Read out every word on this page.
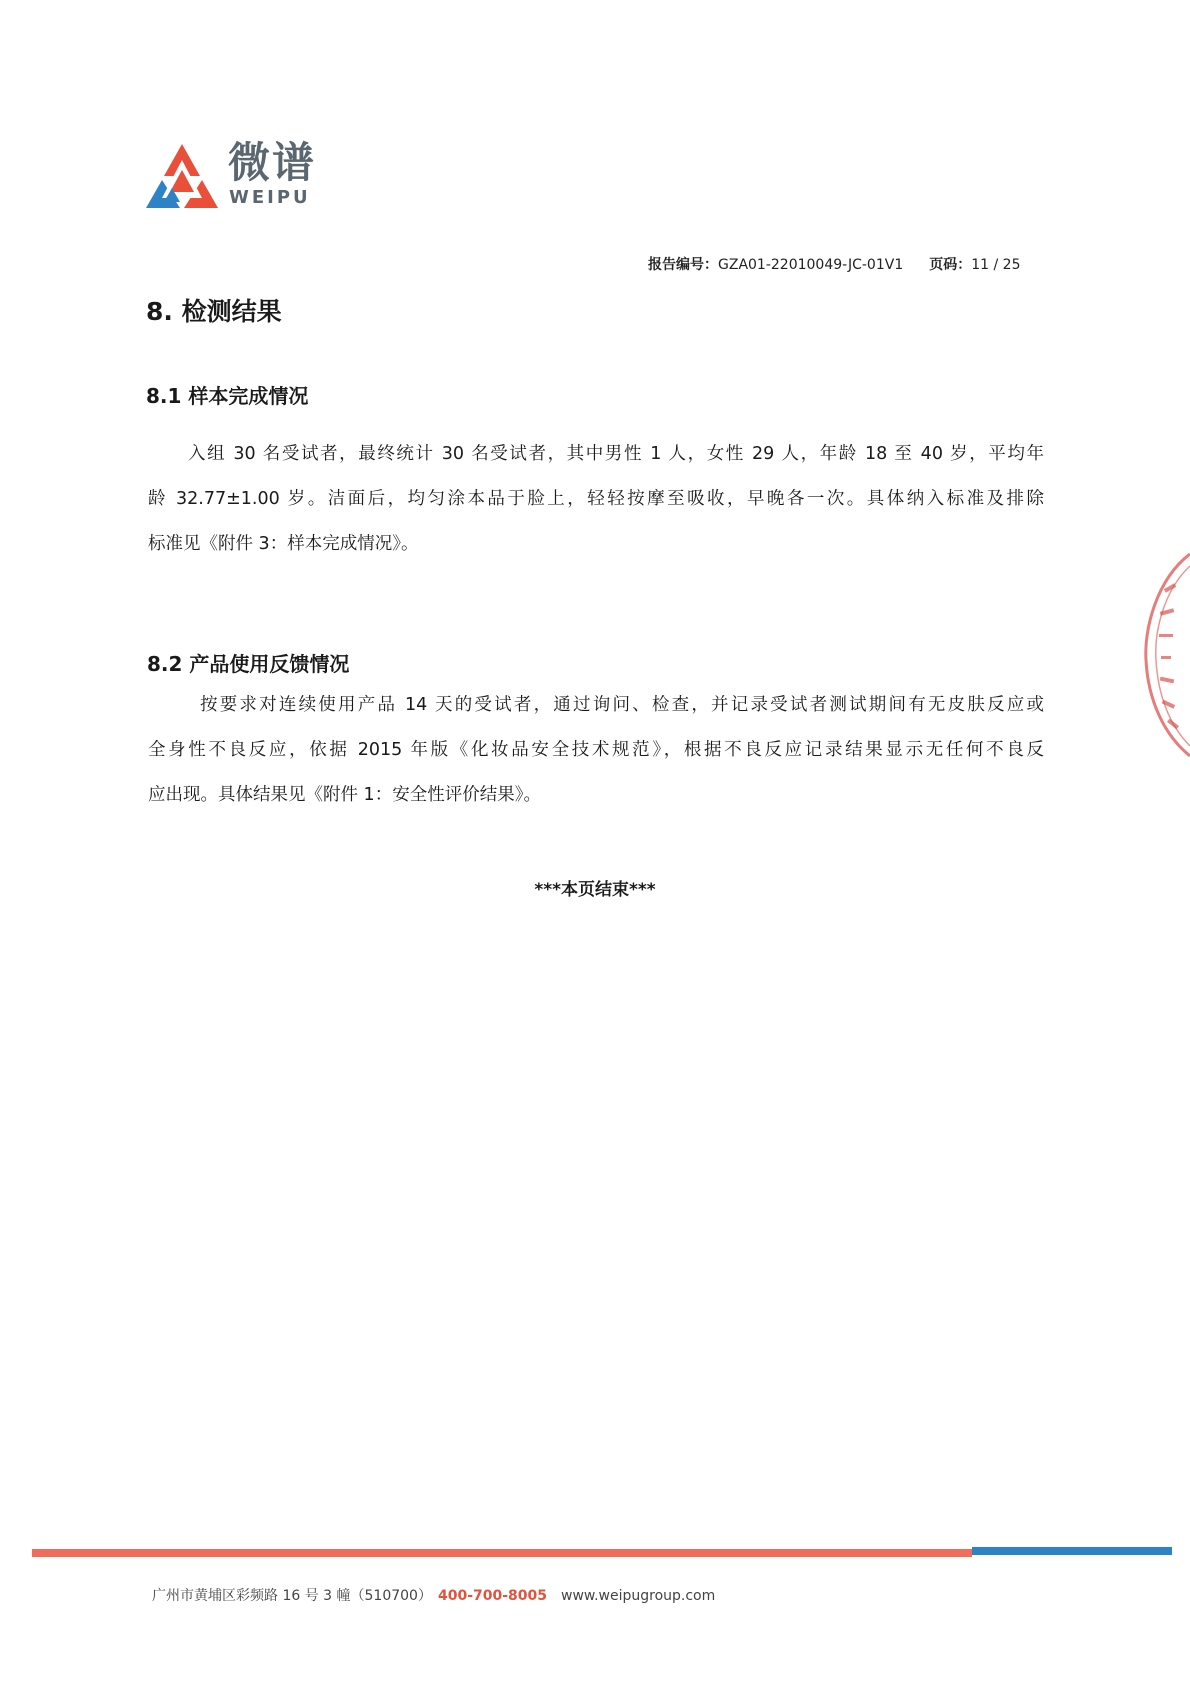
微谱
WEIPU
报告编号：GZA01-22010049-JC-01V1 页码：11 / 25
8. 检测结果
8.1 样本完成情况
入组 30 名受试者，最终统计 30 名受试者，其中男性 1 人，女性 29 人，年龄 18 至 40 岁，平均年
龄 32.77±1.00 岁。洁面后，均匀涂本品于脸上，轻轻按摩至吸收，早晚各一次。具体纳入标准及排除
标准见《附件 3：样本完成情况》。
8.2 产品使用反馈情况
按要求对连续使用产品 14 天的受试者，通过询问、检查，并记录受试者测试期间有无皮肤反应或
全身性不良反应，依据 2015 年版《化妆品安全技术规范》，根据不良反应记录结果显示无任何不良反
应出现。具体结果见《附件 1：安全性评价结果》。
***本页结束***
广州市黄埔区彩频路 16 号 3 幢（510700） 400-700-8005 www.weipugroup.com
